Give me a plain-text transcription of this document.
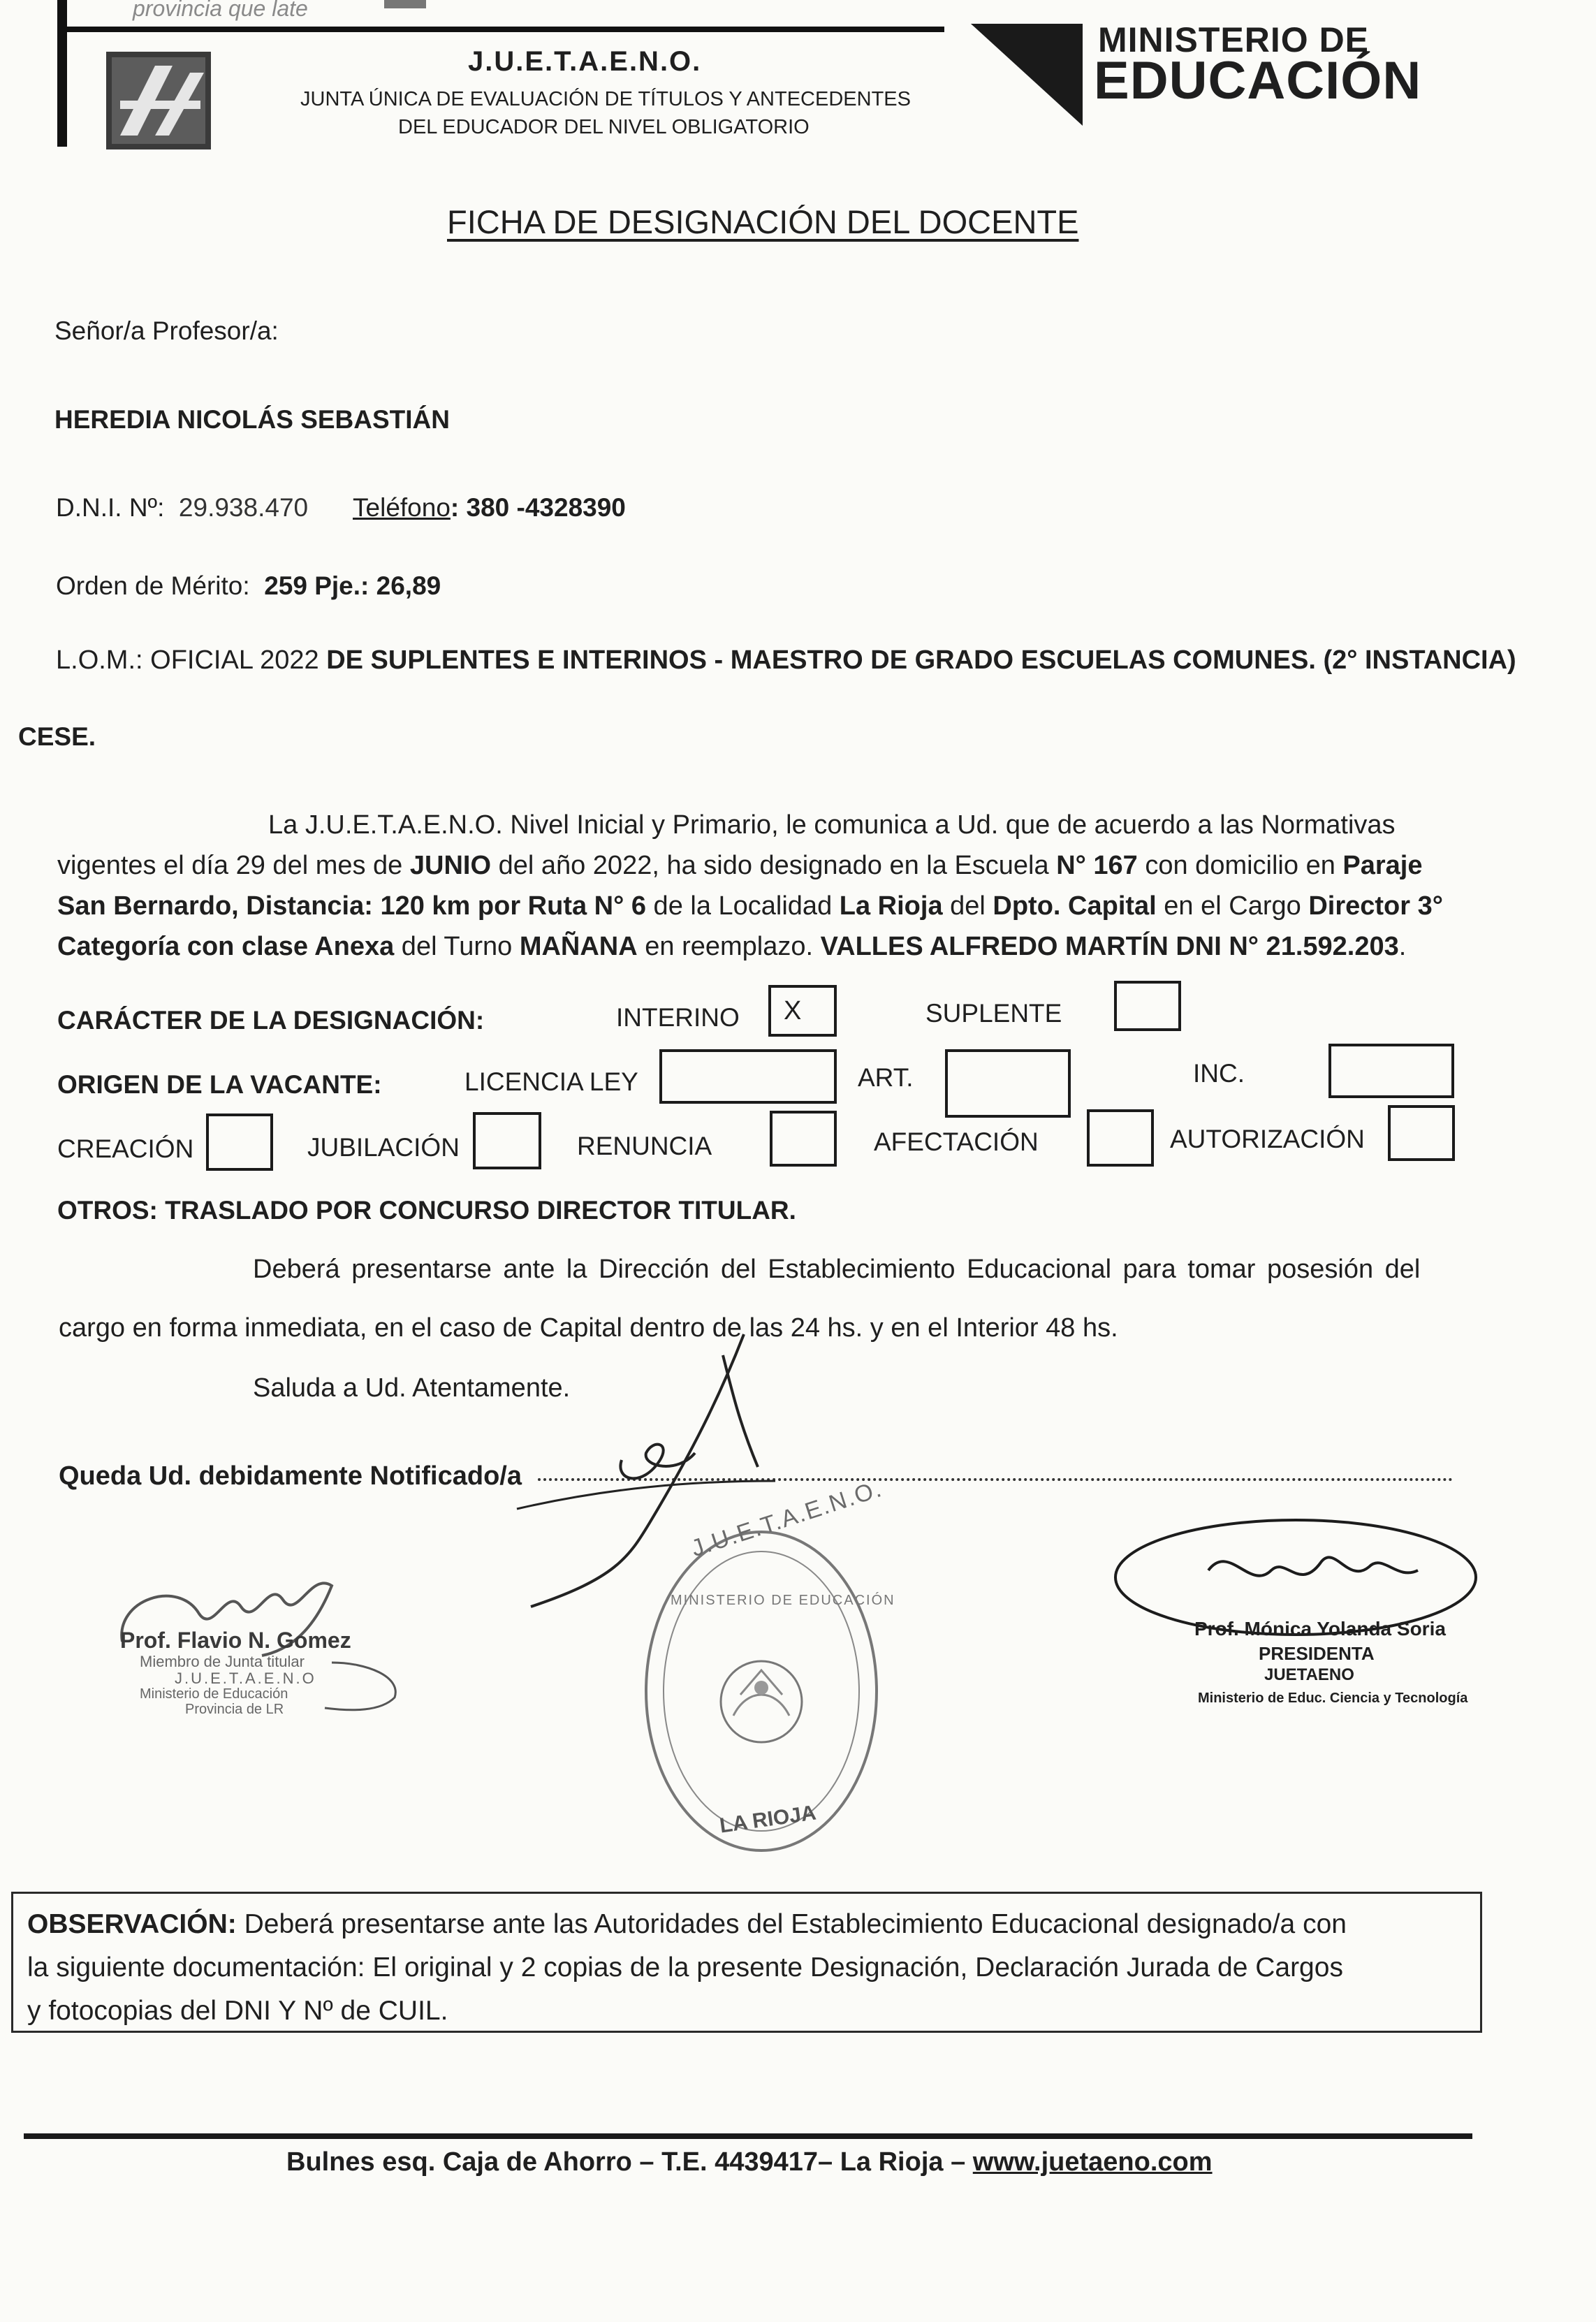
provincia que late
J.U.E.T.A.E.N.O.
JUNTA ÚNICA DE EVALUACIÓN DE TÍTULOS Y ANTECEDENTES
DEL EDUCADOR DEL NIVEL OBLIGATORIO
MINISTERIO DE
EDUCACIÓN
FICHA DE DESIGNACIÓN DEL DOCENTE
Señor/a Profesor/a:
HEREDIA NICOLÁS SEBASTIÁN
D.N.I. Nº: 29.938.470 Teléfono: 380 -4328390
Orden de Mérito: 259 Pje.: 26,89
L.O.M.: OFICIAL 2022 DE SUPLENTES E INTERINOS - MAESTRO DE GRADO ESCUELAS COMUNES. (2° INSTANCIA)
CESE.
La J.U.E.T.A.E.N.O. Nivel Inicial y Primario, le comunica a Ud. que de acuerdo a las Normativas
vigentes el día 29 del mes de JUNIO del año 2022, ha sido designado en la Escuela N° 167 con domicilio en Paraje
San Bernardo, Distancia: 120 km por Ruta N° 6 de la Localidad La Rioja del Dpto. Capital en el Cargo Director 3°
Categoría con clase Anexa del Turno MAÑANA en reemplazo. VALLES ALFREDO MARTÍN DNI N° 21.592.203.
CARÁCTER DE LA DESIGNACIÓN:	INTERINO X	SUPLENTE
ORIGEN DE LA VACANTE:	LICENCIA LEY	ART.	INC.
CREACIÓN	JUBILACIÓN	RENUNCIA	AFECTACIÓN	AUTORIZACIÓN
OTROS: TRASLADO POR CONCURSO DIRECTOR TITULAR.
Deberá presentarse ante la Dirección del Establecimiento Educacional para tomar posesión del
cargo en forma inmediata, en el caso de Capital dentro de las 24 hs. y en el Interior 48 hs.
Saluda a Ud. Atentamente.
Queda Ud. debidamente Notificado/a
Prof. Flavio N. Gomez
Miembro de Junta titular
J.U.E.T.A.E.N.O
Ministerio de Educación
Provincia de LR
J.U.E.T.A.E.N.O.
MINISTERIO DE EDUCACIÓN
LA RIOJA
Prof. Mónica Yolanda Soria
PRESIDENTA
JUETAENO
Ministerio de Educ. Ciencia y Tecnología
OBSERVACIÓN: Deberá presentarse ante las Autoridades del Establecimiento Educacional designado/a con
la siguiente documentación: El original y 2 copias de la presente Designación, Declaración Jurada de Cargos
y fotocopias del DNI Y Nº de CUIL.
Bulnes esq. Caja de Ahorro – T.E. 4439417– La Rioja – www.juetaeno.com
